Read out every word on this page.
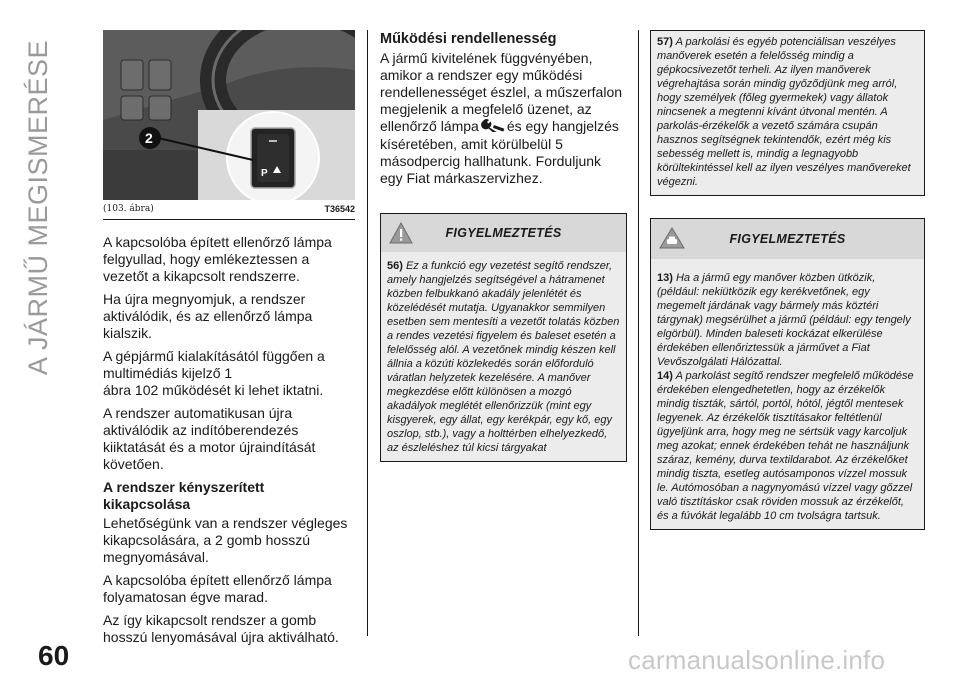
A JÁRMŰ MEGISMERÉSE	P
2
(103. ábra)	T36542

A kapcsolóba épített ellenőrző lámpa felgyullad, hogy emlékeztessen a vezetőt a kikapcsolt rendszerre.

Ha újra megnyomjuk, a rendszer aktiválódik, és az ellenőrző lámpa kialszik.

A gépjármű kialakításától függően a multimédiás kijelző 1
ábra 102 működését ki lehet iktatni.

A rendszer automatikusan újra aktiválódik az indítóberendezés kiiktatását és a motor újraindítását követően.

A rendszer kényszerített kikapcsolása

Lehetőségünk van a rendszer végleges kikapcsolására, a 2 gomb hosszú megnyomásával.

A kapcsolóba épített ellenőrző lámpa folyamatosan égve marad.

Az így kikapcsolt rendszer a gomb hosszú lenyomásával újra aktiválható.

Működési rendellenesség

A jármű kivitelének függvényében, amikor a rendszer egy működési rendellenességet észlel, a műszerfalon megjelenik a megfelelő üzenet, az ellenőrző lámpa és egy hangjelzés kíséretében, amit körülbelül 5 másodpercig hallhatunk. Forduljunk egy Fiat márkaszervizhez.

FIGYELMEZTETÉS
56) Ez a funkció egy vezetést segítő rendszer, amely hangjelzés segítségével a hátramenet közben felbukkanó akadály jelenlétét és közelédését mutatja. Ugyanakkor semmilyen esetben sem mentesíti a vezetőt tolatás közben a rendes vezetési figyelem és baleset esetén a felelősség alól. A vezetőnek mindig készen kell állnia a közúti közlekedés során előforduló váratlan helyzetek kezelésére. A manőver megkezdése előtt különösen a mozgó akadályok meglétét ellenőrizzük (mint egy kisgyerek, egy állat, egy kerékpár, egy kő, egy oszlop, stb.), vagy a holttérben elhelyezkedő, az észleléshez túl kicsi tárgyakat
57) A parkolási és egyéb potenciálisan veszélyes manőverek esetén a felelősség mindig a gépkocsivezetőt terheli. Az ilyen manőverek végrehajtása során mindig győződjünk meg arról, hogy személyek (főleg gyermekek) vagy állatok nincsenek a megtenni kívánt útvonal mentén. A parkolás-érzékelők a vezető számára csupán hasznos segítségnek tekintendők, ezért még kis sebesség mellett is, mindig a legnagyobb körültekintéssel kell az ilyen veszélyes manővereket végezni.
FIGYELMEZTETÉS
13) Ha a jármű egy manőver közben ütközik, (például: nekiütközik egy kerékvetőnek, egy megemelt járdának vagy bármely más köztéri tárgynak) megsérülhet a jármű (például: egy tengely elgörbül). Minden baleseti kockázat elkerülése érdekében ellenőriztessük a járművet a Fiat Vevőszolgálati Hálózattal.
14) A parkolást segítő rendszer megfelelő működése érdekében elengedhetetlen, hogy az érzékelők mindig tiszták, sártól, portól, hótól, jégtől mentesek legyenek. Az érzékelők tisztításakor feltétlenül ügyeljünk arra, hogy meg ne sértsük vagy karcoljuk meg azokat; ennek érdekében tehát ne használjunk száraz, kemény, durva textildarabot. Az érzékelőket mindig tiszta, esetleg autósamponos vízzel mossuk le. Autómosóban a nagynyomású vízzel vagy gőzzel való tisztításkor csak röviden mossuk az érzékelőt, és a fúvókát legalább 10 cm tvolságra tartsuk.
60	carmanualsonline.info
